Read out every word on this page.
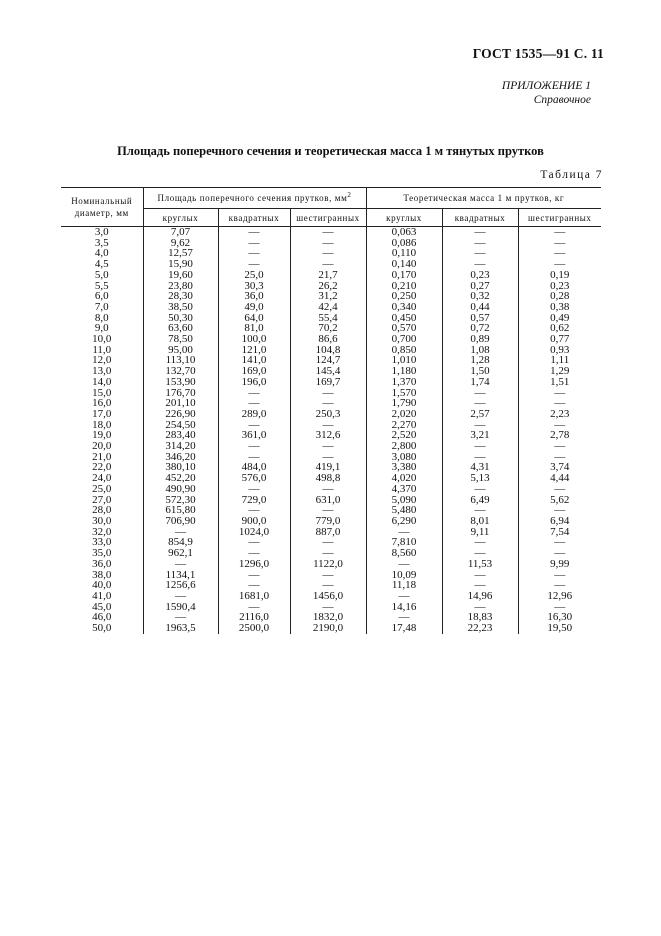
ГОСТ 1535—91 С. 11
ПРИЛОЖЕНИЕ 1
Справочное
Площадь поперечного сечения и теоретическая масса 1 м тянутых прутков
Таблица 7
Номинальный
диаметр, мм	Площадь поперечного сечения прутков, $мм^2$			Теоретическая масса 1 м прутков, кг		
	круглых	квадратных	шестигранных	круглых	квадратных	шестигранных
3,0	7,07	—	—	0,063	—	—
3,5	9,62	—	—	0,086	—	—
4,0	12,57	—	—	0,110	—	—
4,5	15,90	—	—	0,140	—	—
5,0	19,60	25,0	21,7	0,170	0,23	0,19
5,5	23,80	30,3	26,2	0,210	0,27	0,23
6,0	28,30	36,0	31,2	0,250	0,32	0,28
7,0	38,50	49,0	42,4	0,340	0,44	0,38
8,0	50,30	64,0	55,4	0,450	0,57	0,49
9,0	63,60	81,0	70,2	0,570	0,72	0,62
10,0	78,50	100,0	86,6	0,700	0,89	0,77
11,0	95,00	121,0	104,8	0,850	1,08	0,93
12,0	113,10	141,0	124,7	1,010	1,28	1,11
13,0	132,70	169,0	145,4	1,180	1,50	1,29
14,0	153,90	196,0	169,7	1,370	1,74	1,51
15,0	176,70	—	—	1,570	—	—
16,0	201,10	—	—	1,790	—	—
17,0	226,90	289,0	250,3	2,020	2,57	2,23
18,0	254,50	—	—	2,270	—	—
19,0	283,40	361,0	312,6	2,520	3,21	2,78
20,0	314,20	—	—	2,800	—	—
21,0	346,20	—	—	3,080	—	—
22,0	380,10	484,0	419,1	3,380	4,31	3,74
24,0	452,20	576,0	498,8	4,020	5,13	4,44
25,0	490,90	—	—	4,370	—	—
27,0	572,30	729,0	631,0	5,090	6,49	5,62
28,0	615,80	—	—	5,480	—	—
30,0	706,90	900,0	779,0	6,290	8,01	6,94
32,0	—	1024,0	887,0	—	9,11	7,54
33,0	854,9	—	—	7,810	—	—
35,0	962,1	—	—	8,560	—	—
36,0	—	1296,0	1122,0	—	11,53	9,99
38,0	1134,1	—	—	10,09	—	—
40,0	1256,6	—	—	11,18	—	—
41,0	—	1681,0	1456,0	—	14,96	12,96
45,0	1590,4	—	—	14,16	—	—
46,0	—	2116,0	1832,0	—	18,83	16,30
50,0	1963,5	2500,0	2190,0	17,48	22,23	19,50
